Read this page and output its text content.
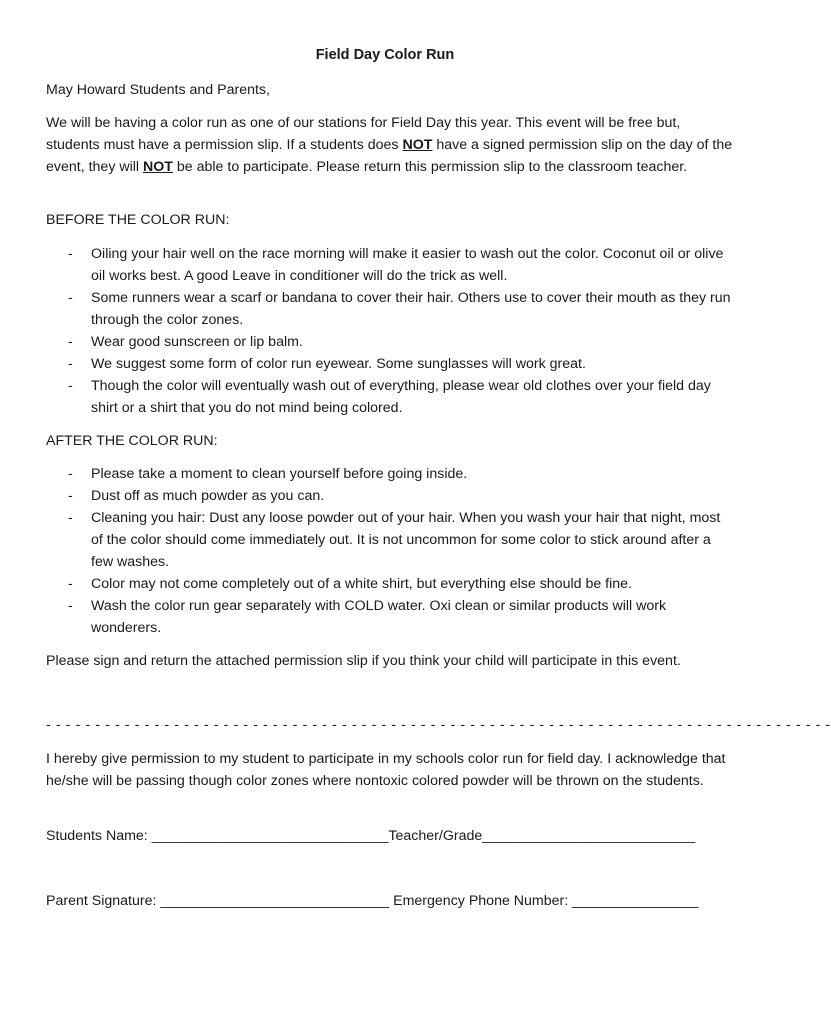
Field Day Color Run

May Howard Students and Parents,

We will be having a color run as one of our stations for Field Day this year. This event will be free but, students must have a permission slip. If a students does NOT have a signed permission slip on the day of the event, they will NOT be able to participate. Please return this permission slip to the classroom teacher.

BEFORE THE COLOR RUN:

- Oiling your hair well on the race morning will make it easier to wash out the color. Coconut oil or olive oil works best. A good Leave in conditioner will do the trick as well.
- Some runners wear a scarf or bandana to cover their hair. Others use to cover their mouth as they run through the color zones.
- Wear good sunscreen or lip balm.
- We suggest some form of color run eyewear. Some sunglasses will work great.
- Though the color will eventually wash out of everything, please wear old clothes over your field day shirt or a shirt that you do not mind being colored.

AFTER THE COLOR RUN:

- Please take a moment to clean yourself before going inside.
- Dust off as much powder as you can.
- Cleaning you hair: Dust any loose powder out of your hair. When you wash your hair that night, most of the color should come immediately out. It is not uncommon for some color to stick around after a few washes.
- Color may not come completely out of a white shirt, but everything else should be fine.
- Wash the color run gear separately with COLD water. Oxi clean or similar products will work wonderers.

Please sign and return the attached permission slip if you think your child will participate in this event.

- - - - - - - - - - - - - - - - - - - - - - - - - - - - - - - - - - - - - - - - - - - - - - - - - - - - - - - - - - - - - - - - - - - - - - - - - - - - - - - -

I hereby give permission to my student to participate in my schools color run for field day. I acknowledge that he/she will be passing though color zones where nontoxic colored powder will be thrown on the students.

Students Name: ______________________________Teacher/Grade___________________________
Parent Signature: _____________________________ Emergency Phone Number: ________________
